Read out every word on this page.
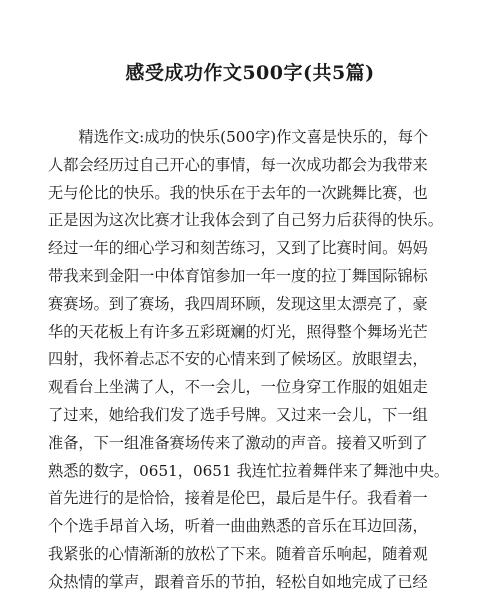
感受成功作文500字(共5篇)
　　精选作文:成功的快乐(500字)作文喜是快乐的，每个
人都会经历过自己开心的事情，每一次成功都会为我带来
无与伦比的快乐。我的快乐在于去年的一次跳舞比赛，也
正是因为这次比赛才让我体会到了自己努力后获得的快乐。
经过一年的细心学习和刻苦练习，又到了比赛时间。妈妈
带我来到金阳一中体育馆参加一年一度的拉丁舞国际锦标
赛赛场。到了赛场，我四周环顾，发现这里太漂亮了，豪
华的天花板上有许多五彩斑斓的灯光，照得整个舞场光芒
四射，我怀着忐忑不安的心情来到了候场区。放眼望去，
观看台上坐满了人，不一会儿，一位身穿工作服的姐姐走
了过来，她给我们发了选手号牌。又过来一会儿，下一组
准备，下一组准备赛场传来了激动的声音。接着又听到了
熟悉的数字，0651，0651 我连忙拉着舞伴来了舞池中央。
首先进行的是恰恰，接着是伦巴，最后是牛仔。我看着一
个个选手昂首入场，听着一曲曲熟悉的音乐在耳边回荡，
我紧张的心情渐渐的放松了下来。随着音乐响起，随着观
众热情的掌声，跟着音乐的节拍，轻松自如地完成了已经
